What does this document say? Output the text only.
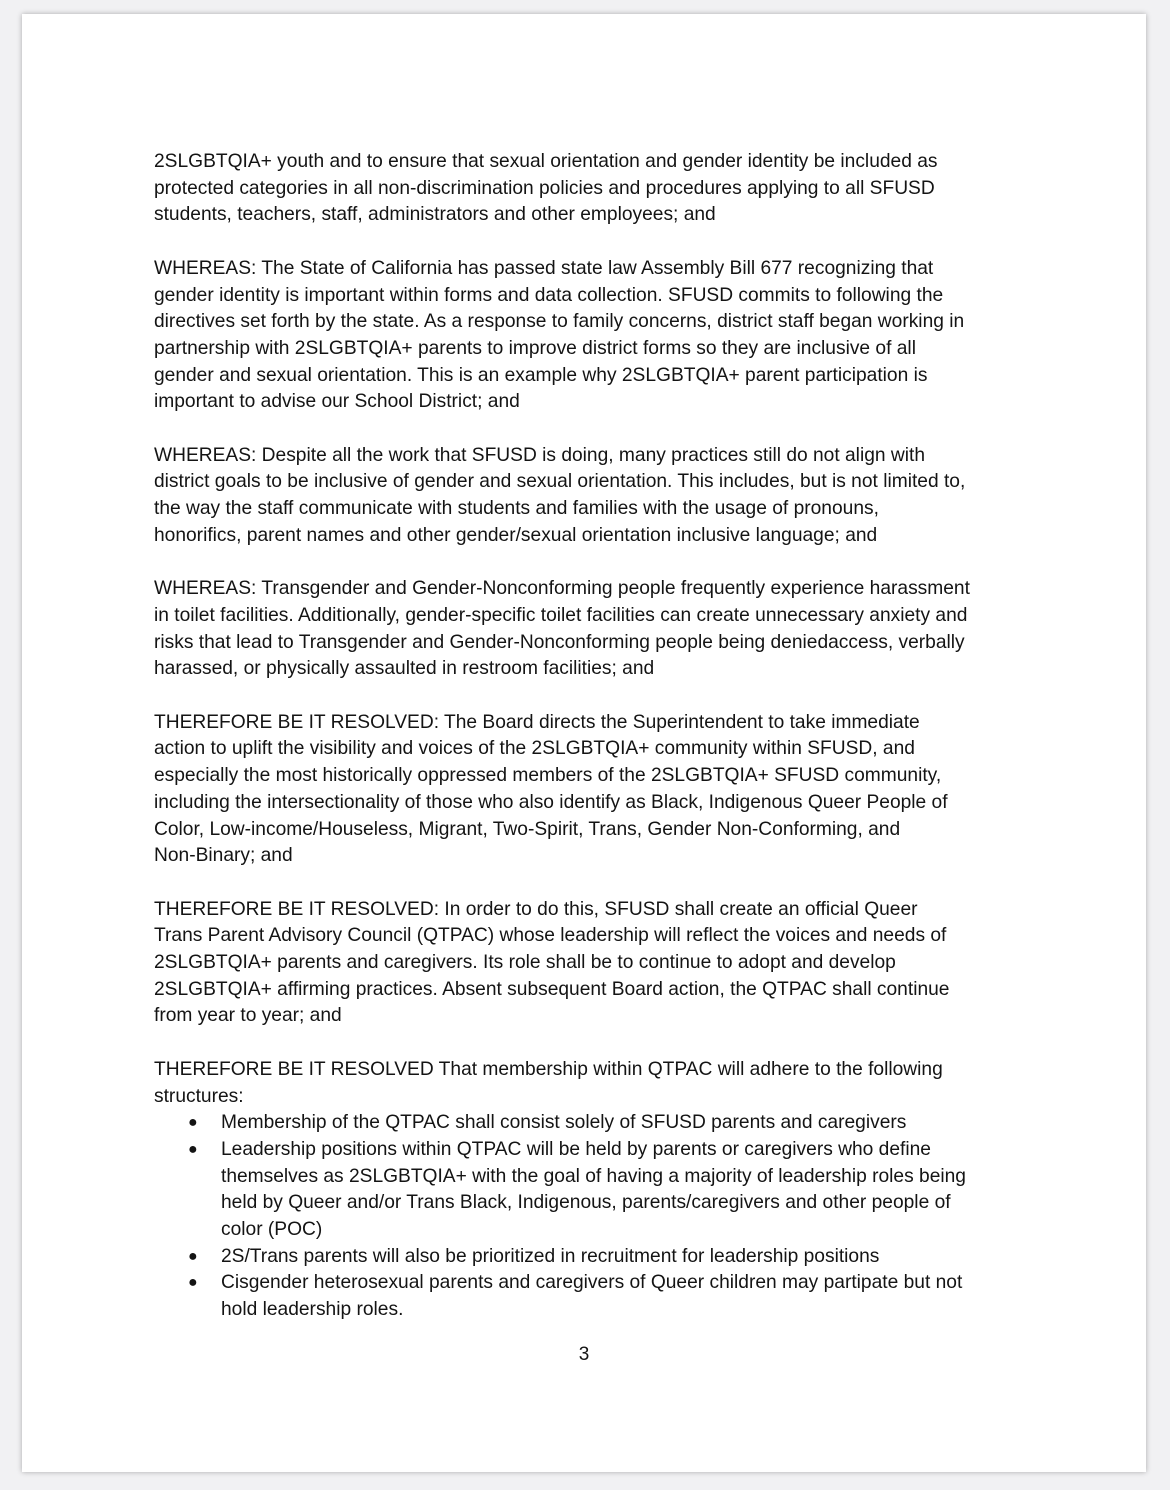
2SLGBTQIA+ youth and to ensure that sexual orientation and gender identity be included as
protected categories in all non-discrimination policies and procedures applying to all SFUSD
students, teachers, staff, administrators and other employees; and

WHEREAS: The State of California has passed state law Assembly Bill 677 recognizing that
gender identity is important within forms and data collection. SFUSD commits to following the
directives set forth by the state. As a response to family concerns, district staff began working in
partnership with 2SLGBTQIA+ parents to improve district forms so they are inclusive of all
gender and sexual orientation. This is an example why 2SLGBTQIA+ parent participation is
important to advise our School District; and

WHEREAS: Despite all the work that SFUSD is doing, many practices still do not align with
district goals to be inclusive of gender and sexual orientation. This includes, but is not limited to,
the way the staff communicate with students and families with the usage of pronouns,
honorifics, parent names and other gender/sexual orientation inclusive language; and

WHEREAS: Transgender and Gender-Nonconforming people frequently experience harassment
in toilet facilities. Additionally, gender-specific toilet facilities can create unnecessary anxiety and
risks that lead to Transgender and Gender-Nonconforming people being deniedaccess, verbally
harassed, or physically assaulted in restroom facilities; and

THEREFORE BE IT RESOLVED: The Board directs the Superintendent to take immediate
action to uplift the visibility and voices of the 2SLGBTQIA+ community within SFUSD, and
especially the most historically oppressed members of the 2SLGBTQIA+ SFUSD community,
including the intersectionality of those who also identify as Black, Indigenous Queer People of
Color, Low-income/Houseless, Migrant, Two-Spirit, Trans, Gender Non-Conforming, and
Non-Binary; and

THEREFORE BE IT RESOLVED: In order to do this, SFUSD shall create an official Queer
Trans Parent Advisory Council (QTPAC) whose leadership will reflect the voices and needs of
2SLGBTQIA+ parents and caregivers. Its role shall be to continue to adopt and develop
2SLGBTQIA+ affirming practices. Absent subsequent Board action, the QTPAC shall continue
from year to year; and

THEREFORE BE IT RESOLVED That membership within QTPAC will adhere to the following
structures:

● Membership of the QTPAC shall consist solely of SFUSD parents and caregivers
● Leadership positions within QTPAC will be held by parents or caregivers who define
themselves as 2SLGBTQIA+ with the goal of having a majority of leadership roles being
held by Queer and/or Trans Black, Indigenous, parents/caregivers and other people of
color (POC)
● 2S/Trans parents will also be prioritized in recruitment for leadership positions
● Cisgender heterosexual parents and caregivers of Queer children may partipate but not
hold leadership roles.
3
